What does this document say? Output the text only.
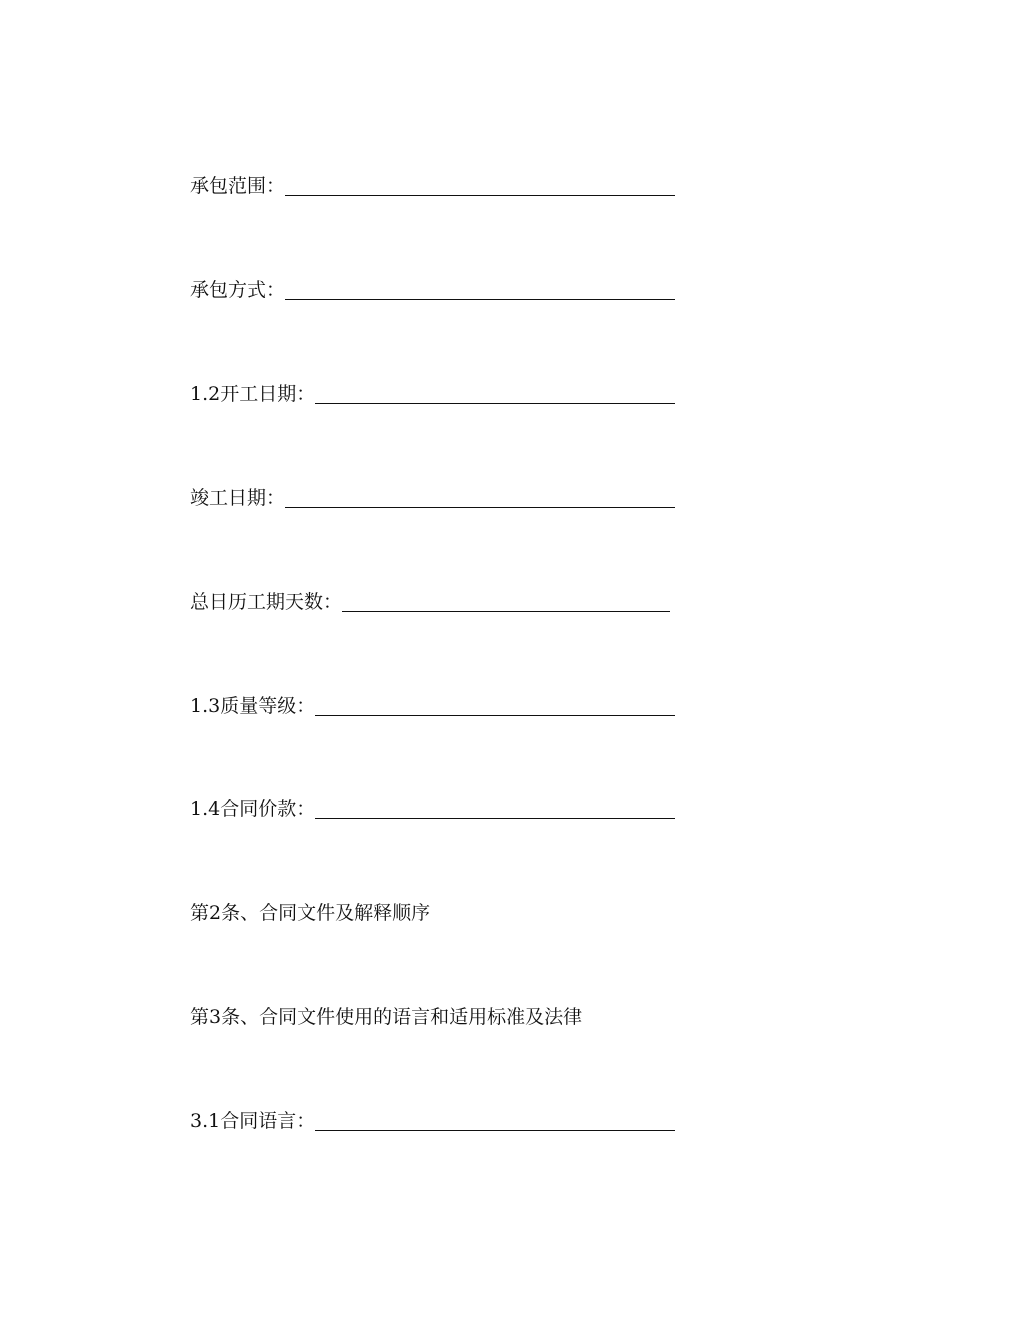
承包范围：
承包方式：
1.2开工日期：
竣工日期：
总日历工期天数：
1.3质量等级：
1.4合同价款：
第2条、合同文件及解释顺序
第3条、合同文件使用的语言和适用标准及法律
3.1合同语言：
